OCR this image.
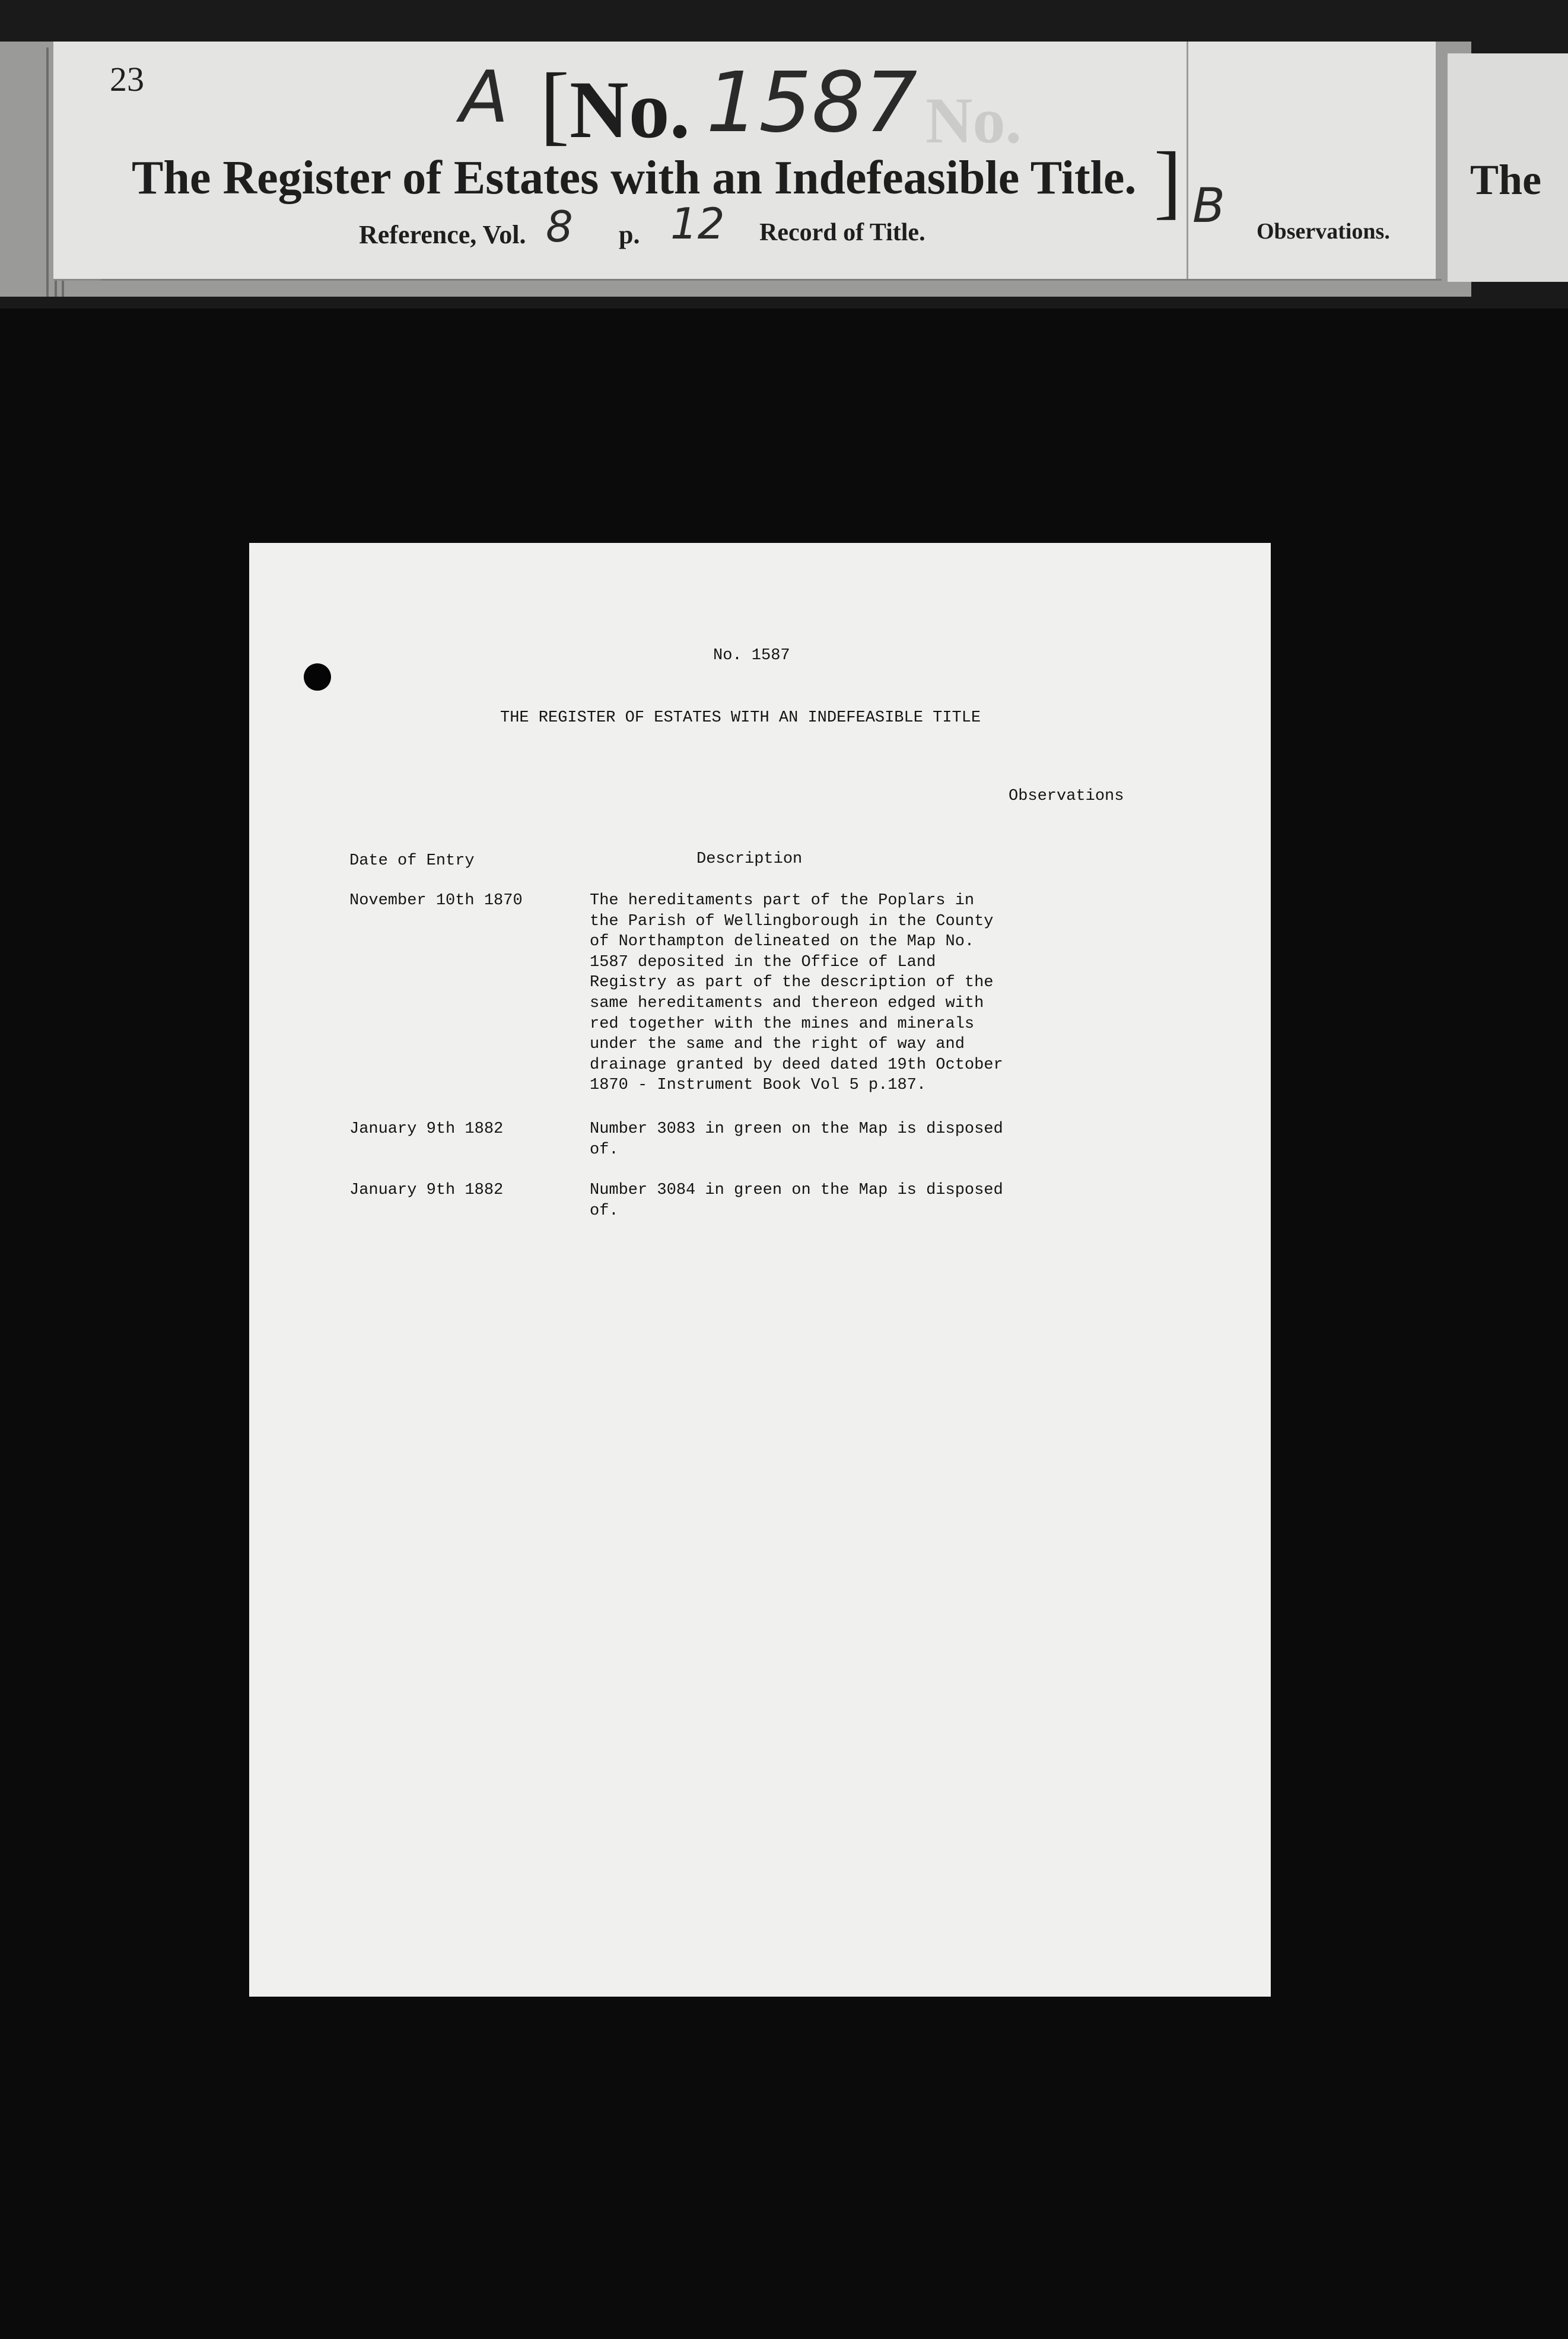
No.
23	A [ No. 1587
The Register of Estates with an Indefeasible Title. ] B
Reference, Vol. 8 p. 12 Record of Title.	Observations.
The
No. 1587
THE REGISTER OF ESTATES WITH AN INDEFEASIBLE TITLE
Observations
Date of Entry	Description
November 10th 1870	The hereditaments part of the Poplars in
the Parish of Wellingborough in the County
of Northampton delineated on the Map No.
1587 deposited in the Office of Land
Registry as part of the description of the
same hereditaments and thereon edged with
red together with the mines and minerals
under the same and the right of way and
drainage granted by deed dated 19th October
1870 - Instrument Book Vol 5 p.187.
January 9th 1882	Number 3083 in green on the Map is disposed
of.
January 9th 1882	Number 3084 in green on the Map is disposed
of.
